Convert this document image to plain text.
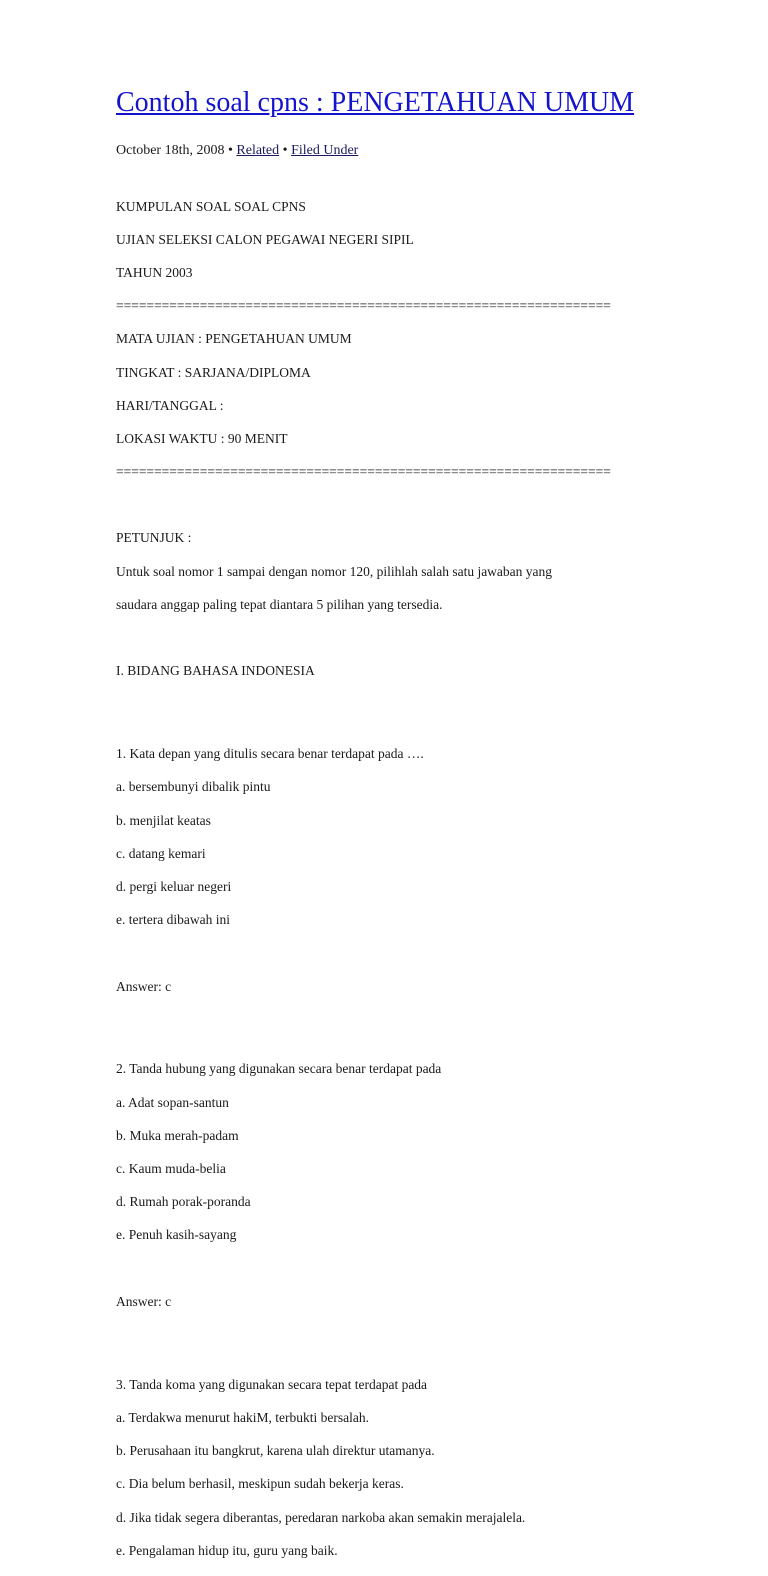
Contoh soal cpns : PENGETAHUAN UMUM
October 18th, 2008 • Related • Filed Under

KUMPULAN SOAL SOAL CPNS

UJIAN SELEKSI CALON PEGAWAI NEGERI SIPIL

TAHUN 2003

=================================================================

MATA UJIAN : PENGETAHUAN UMUM

TINGKAT : SARJANA/DIPLOMA

HARI/TANGGAL :

LOKASI WAKTU : 90 MENIT

=================================================================

PETUNJUK :

Untuk soal nomor 1 sampai dengan nomor 120, pilihlah salah satu jawaban yang

saudara anggap paling tepat diantara 5 pilihan yang tersedia.

I. BIDANG BAHASA INDONESIA

1. Kata depan yang ditulis secara benar terdapat pada ….

a. bersembunyi dibalik pintu

b. menjilat keatas

c. datang kemari

d. pergi keluar negeri

e. tertera dibawah ini

Answer: c

2. Tanda hubung yang digunakan secara benar terdapat pada

a. Adat sopan-santun

b. Muka merah-padam

c. Kaum muda-belia

d. Rumah porak-poranda

e. Penuh kasih-sayang

Answer: c

3. Tanda koma yang digunakan secara tepat terdapat pada

a. Terdakwa menurut hakiM, terbukti bersalah.

b. Perusahaan itu bangkrut, karena ulah direktur utamanya.

c. Dia belum berhasil, meskipun sudah bekerja keras.

d. Jika tidak segera diberantas, peredaran narkoba akan semakin merajalela.

e. Pengalaman hidup itu, guru yang baik.
